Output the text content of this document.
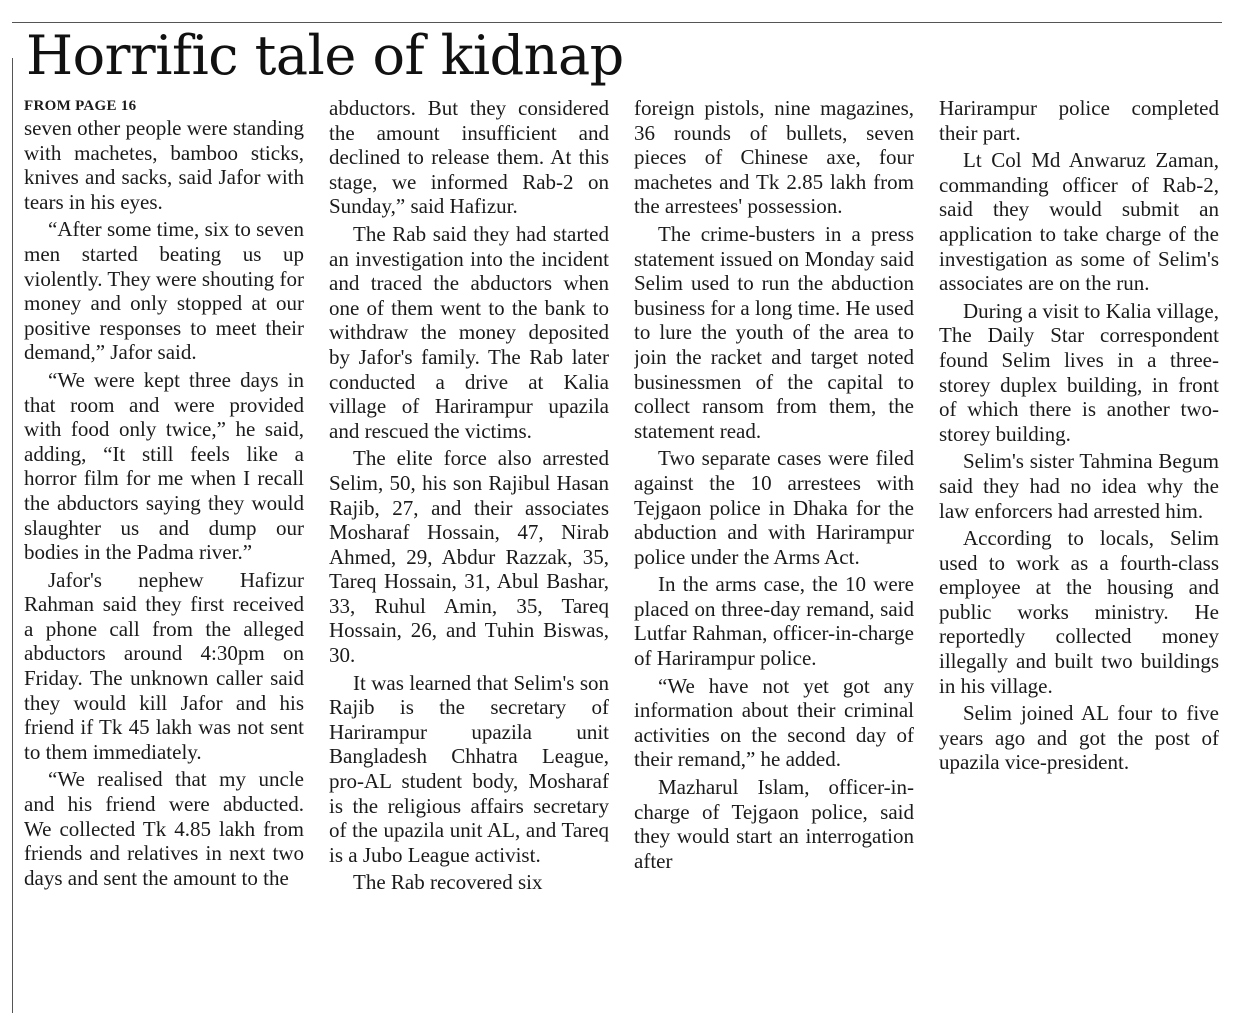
Horrific tale of kidnap
FROM PAGE 16

seven other people were standing with machetes, bamboo sticks, knives and sacks, said Jafor with tears in his eyes.

“After some time, six to seven men started beating us up violently. They were shouting for money and only stopped at our positive responses to meet their demand,” Jafor said.

“We were kept three days in that room and were provided with food only twice,” he said, adding, “It still feels like a horror film for me when I recall the abductors saying they would slaughter us and dump our bodies in the Padma river.”

Jafor's nephew Hafizur Rahman said they first received a phone call from the alleged abductors around 4:30pm on Friday. The unknown caller said they would kill Jafor and his friend if Tk 45 lakh was not sent to them immediately.

“We realised that my uncle and his friend were abducted. We collected Tk 4.85 lakh from friends and relatives in next two days and sent the amount to the

abductors. But they considered the amount insufficient and declined to release them. At this stage, we informed Rab-2 on Sunday,” said Hafizur.

The Rab said they had started an investigation into the incident and traced the abductors when one of them went to the bank to withdraw the money deposited by Jafor's family. The Rab later conducted a drive at Kalia village of Harirampur upazila and rescued the victims.

The elite force also arrested Selim, 50, his son Rajibul Hasan Rajib, 27, and their associates Mosharaf Hossain, 47, Nirab Ahmed, 29, Abdur Razzak, 35, Tareq Hossain, 31, Abul Bashar, 33, Ruhul Amin, 35, Tareq Hossain, 26, and Tuhin Biswas, 30.

It was learned that Selim's son Rajib is the secretary of Harirampur upazila unit Bangladesh Chhatra League, pro-AL student body, Mosharaf is the religious affairs secretary of the upazila unit AL, and Tareq is a Jubo League activist.

The Rab recovered six

foreign pistols, nine magazines, 36 rounds of bullets, seven pieces of Chinese axe, four machetes and Tk 2.85 lakh from the arrestees' possession.

The crime-busters in a press statement issued on Monday said Selim used to run the abduction business for a long time. He used to lure the youth of the area to join the racket and target noted businessmen of the capital to collect ransom from them, the statement read.

Two separate cases were filed against the 10 arrestees with Tejgaon police in Dhaka for the abduction and with Harirampur police under the Arms Act.

In the arms case, the 10 were placed on three-day remand, said Lutfar Rahman, officer-in-charge of Harirampur police.

“We have not yet got any information about their criminal activities on the second day of their remand,” he added.

Mazharul Islam, officer-in-charge of Tejgaon police, said they would start an interrogation after

Harirampur police completed their part.

Lt Col Md Anwaruz Zaman, commanding officer of Rab-2, said they would submit an application to take charge of the investigation as some of Selim's associates are on the run.

During a visit to Kalia village, The Daily Star correspondent found Selim lives in a three-storey duplex building, in front of which there is another two-storey building.

Selim's sister Tahmina Begum said they had no idea why the law enforcers had arrested him.

According to locals, Selim used to work as a fourth-class employee at the housing and public works ministry. He reportedly collected money illegally and built two buildings in his village.

Selim joined AL four to five years ago and got the post of upazila vice-president.
